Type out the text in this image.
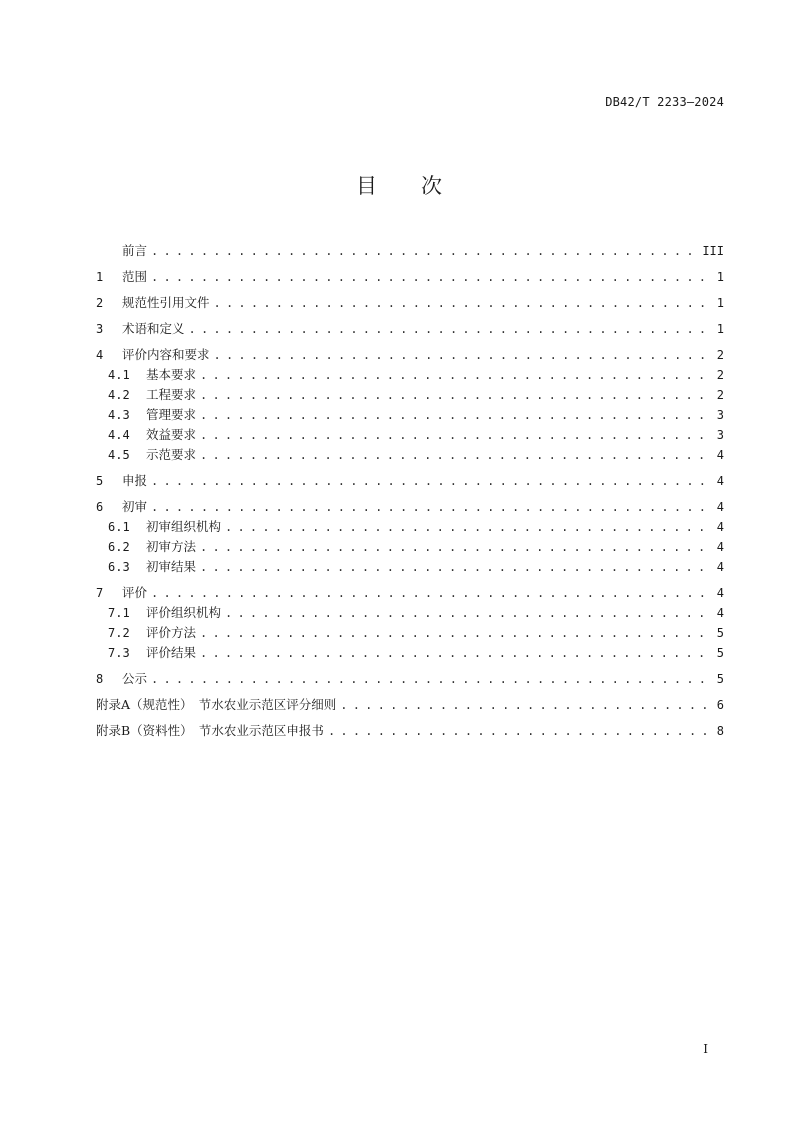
DB42/T 2233—2024
目 次
前言 . . .	III
1	范围 . . .	1
2	规范性引用文件 . . .	1
3	术语和定义 . . .	1
4	评价内容和要求 . . .	2
4.1	基本要求 . . .	2
4.2	工程要求 . . .	2
4.3	管理要求 . . .	3
4.4	效益要求 . . .	3
4.5	示范要求 . . .	4
5	申报 . . .	4
6	初审 . . .	4
6.1	初审组织机构 . . .	4
6.2	初审方法 . . .	4
6.3	初审结果 . . .	4
7	评价 . . .	4
7.1	评价组织机构 . . .	4
7.2	评价方法 . . .	5
7.3	评价结果 . . .	5
8	公示 . . .	5
附录A（规范性）　节水农业示范区评分细则 . . .	6
附录B（资料性）　节水农业示范区申报书 . . .	8
I
